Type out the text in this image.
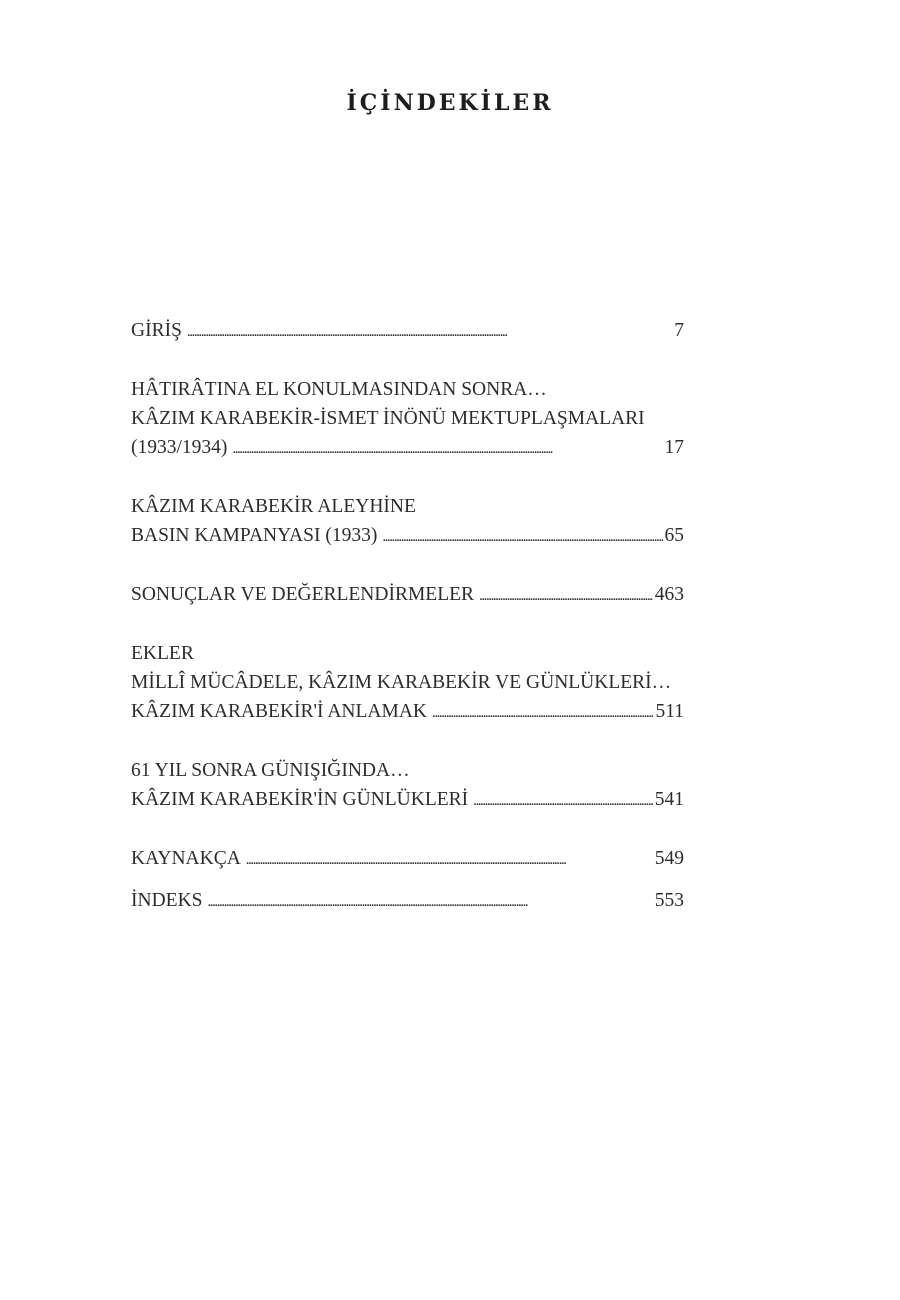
İÇİNDEKİLER
GİRİŞ . . .	7
HÂTIRÂTINA EL KONULMASINDAN SONRA…
KÂZIM KARABEKİR-İSMET İNÖNÜ MEKTUPLAŞMALARI
(1933/1934) . . .	17
KÂZIM KARABEKİR ALEYHİNE
BASIN KAMPANYASI (1933) . . .	65
SONUÇLAR VE DEĞERLENDİRMELER . . .	463
EKLER
MİLLÎ MÜCÂDELE, KÂZIM KARABEKİR VE GÜNLÜKLERİ…
KÂZIM KARABEKİR'İ ANLAMAK . . .	511
61 YIL SONRA GÜNIŞIĞINDA…
KÂZIM KARABEKİR'İN GÜNLÜKLERİ . . .	541
KAYNAKÇA . . .	549
İNDEKS . . .	553
